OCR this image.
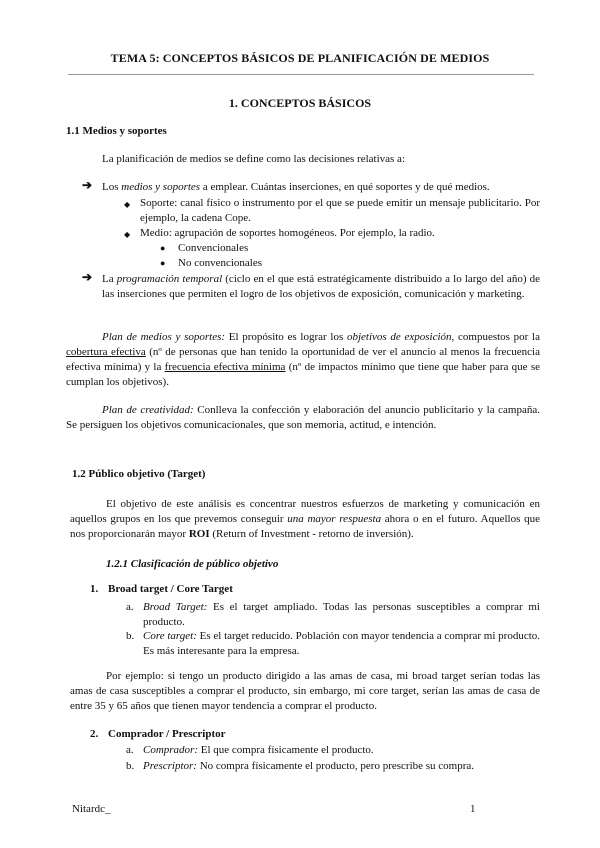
TEMA 5: CONCEPTOS BÁSICOS DE PLANIFICACIÓN DE MEDIOS
1. CONCEPTOS BÁSICOS
1.1 Medios y soportes
La planificación de medios se define como las decisiones relativas a:
➔ Los medios y soportes a emplear. Cuántas inserciones, en qué soportes y de qué medios.
◆ Soporte: canal físico o instrumento por el que se puede emitir un mensaje publicitario. Por ejemplo, la cadena Cope.
◆ Medio: agrupación de soportes homogéneos. Por ejemplo, la radio.
● Convencionales
● No convencionales
➔ La programación temporal (ciclo en el que está estratégicamente distribuido a lo largo del año) de las inserciones que permiten el logro de los objetivos de exposición, comunicación y marketing.
Plan de medios y soportes: El propósito es lograr los objetivos de exposición, compuestos por la cobertura efectiva (nº de personas que han tenido la oportunidad de ver el anuncio al menos la frecuencia efectiva mínima) y la frecuencia efectiva mínima (nº de impactos mínimo que tiene que haber para que se cumplan los objetivos).
Plan de creatividad: Conlleva la confección y elaboración del anuncio publicitario y la campaña. Se persiguen los objetivos comunicacionales, que son memoria, actitud, e intención.
1.2 Público objetivo (Target)
El objetivo de este análisis es concentrar nuestros esfuerzos de marketing y comunicación en aquellos grupos en los que prevemos conseguir una mayor respuesta ahora o en el futuro. Aquellos que nos proporcionarán mayor ROI (Return of Investment - retorno de inversión).
1.2.1 Clasificación de público objetivo
1. Broad target / Core Target
a. Broad Target: Es el target ampliado. Todas las personas susceptibles a comprar mi producto.
b. Core target: Es el target reducido. Población con mayor tendencia a comprar mi producto. Es más interesante para la empresa.
Por ejemplo: si tengo un producto dirigido a las amas de casa, mi broad target serían todas las amas de casa susceptibles a comprar el producto, sin embargo, mi core target, serían las amas de casa de entre 35 y 65 años que tienen mayor tendencia a comprar el producto.
2. Comprador / Prescriptor
a. Comprador: El que compra físicamente el producto.
b. Prescriptor: No compra físicamente el producto, pero prescribe su compra.
Nitardc_	1
